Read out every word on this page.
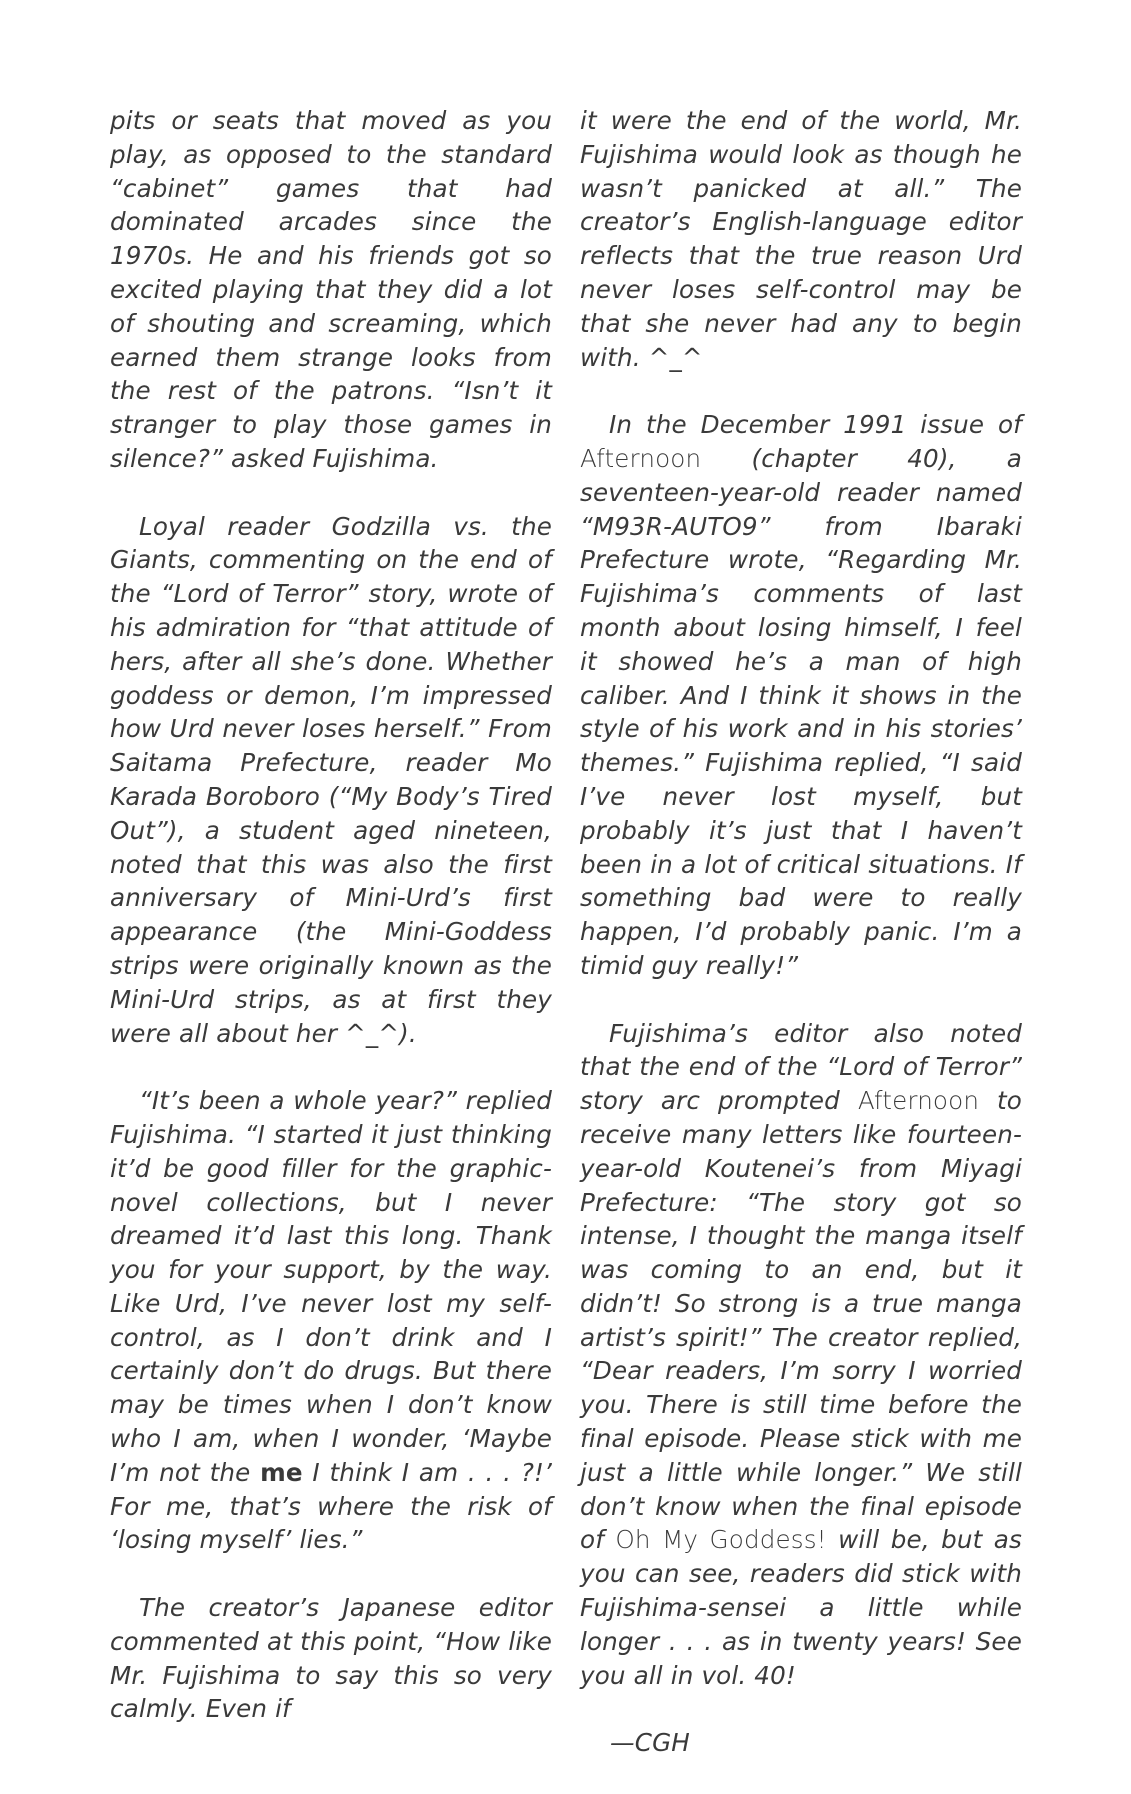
pits or seats that moved as you play, as opposed to the standard “cabinet” games that had dominated arcades since the 1970s. He and his friends got so excited playing that they did a lot of shouting and screaming, which earned them strange looks from the rest of the patrons. “Isn’t it stranger to play those games in silence?” asked Fujishima.

Loyal reader Godzilla vs. the Giants, commenting on the end of the “Lord of Terror” story, wrote of his admiration for “that attitude of hers, after all she’s done. Whether goddess or demon, I’m impressed how Urd never loses herself.” From Saitama Prefecture, reader Mo Karada Boroboro (“My Body’s Tired Out”), a student aged nineteen, noted that this was also the first anniversary of Mini-Urd’s first appearance (the Mini-Goddess strips were originally known as the Mini-Urd strips, as at first they were all about her ^_^).

“It’s been a whole year?” replied Fujishima. “I started it just thinking it’d be good filler for the graphic-novel collections, but I never dreamed it’d last this long. Thank you for your support, by the way. Like Urd, I’ve never lost my self-control, as I don’t drink and I certainly don’t do drugs. But there may be times when I don’t know who I am, when I wonder, ‘Maybe I’m not the me I think I am . . . ?!’ For me, that’s where the risk of ‘losing myself’ lies.”

The creator’s Japanese editor commented at this point, “How like Mr. Fujishima to say this so very calmly. Even if

it were the end of the world, Mr. Fujishima would look as though he wasn’t panicked at all.” The creator’s English-language editor reflects that the true reason Urd never loses self-control may be that she never had any to begin with. ^_^

In the December 1991 issue of Afternoon (chapter 40), a seventeen-year-old reader named “M93R-AUTO9” from Ibaraki Prefecture wrote, “Regarding Mr. Fujishima’s comments of last month about losing himself, I feel it showed he’s a man of high caliber. And I think it shows in the style of his work and in his stories’ themes.” Fujishima replied, “I said I’ve never lost myself, but probably it’s just that I haven’t been in a lot of critical situations. If something bad were to really happen, I’d probably panic. I’m a timid guy really!”

Fujishima’s editor also noted that the end of the “Lord of Terror” story arc prompted Afternoon to receive many letters like fourteen-year-old Koutenei’s from Miyagi Prefecture: “The story got so intense, I thought the manga itself was coming to an end, but it didn’t! So strong is a true manga artist’s spirit!” The creator replied, “Dear readers, I’m sorry I worried you. There is still time before the final episode. Please stick with me just a little while longer.” We still don’t know when the final episode of Oh My Goddess! will be, but as you can see, readers did stick with Fujishima-sensei a little while longer . . . as in twenty years! See you all in vol. 40!

—CGH
